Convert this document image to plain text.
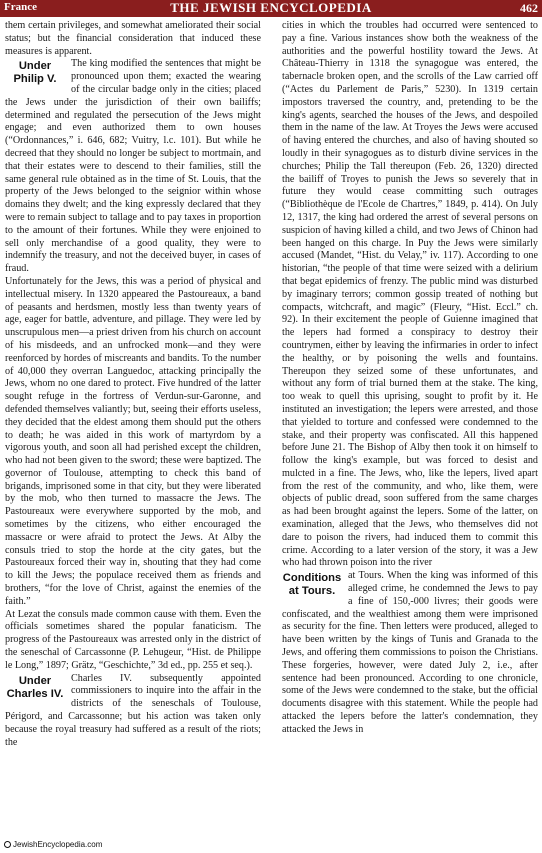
France	THE JEWISH ENCYCLOPEDIA	462

them certain privileges, and somewhat ameliorated their social status; but the financial consideration that induced these measures is apparent.

Under
Philip V.

The king modified the sentences that might be pronounced upon them; exacted the wearing of the circular badge only in the cities; placed the Jews under the jurisdiction of their own bailiffs; determined and regulated the persecution of the Jews might engage; and even authorized them to own houses (“Ordonnances,” i. 646, 682; Vuitry, l.c. 101). But while he decreed that they should no longer be subject to mortmain, and that their estates were to descend to their families, still the same general rule obtained as in the time of St. Louis, that the property of the Jews belonged to the seignior within whose domains they dwelt; and the king expressly declared that they were to remain subject to tallage and to pay taxes in proportion to the amount of their fortunes. While they were enjoined to sell only merchandise of a good quality, they were to indemnify the treasury, and not the deceived buyer, in cases of fraud.

Unfortunately for the Jews, this was a period of physical and intellectual misery. In 1320 appeared the Pastoureaux, a band of peasants and herdsmen, mostly less than twenty years of age, eager for battle, adventure, and pillage. They were led by unscrupulous men—a priest driven from his church on account of his misdeeds, and an unfrocked monk—and they were reenforced by hordes of miscreants and bandits. To the number of 40,000 they overran Languedoc, attacking principally the Jews, whom no one dared to protect. Five hundred of the latter sought refuge in the fortress of Verdun-sur-Garonne, and defended themselves valiantly; but, seeing their efforts useless, they decided that the eldest among them should put the others to death; he was aided in this work of martyrdom by a vigorous youth, and soon all had perished except the children, who had not been given to the sword; these were baptized. The governor of Toulouse, attempting to check this band of brigands, imprisoned some in that city, but they were liberated by the mob, who then turned to massacre the Jews. The Pastoureaux were everywhere supported by the mob, and sometimes by the citizens, who either encouraged the massacre or were afraid to protect the Jews. At Alby the consuls tried to stop the horde at the city gates, but the Pastoureaux forced their way in, shouting that they had come to kill the Jews; the populace received them as friends and brothers, “for the love of Christ, against the enemies of the faith.”

At Lezat the consuls made common cause with them. Even the officials sometimes shared the popular fanaticism. The progress of the Pastoureaux was arrested only in the district of the seneschal of Carcassonne (P. Lehugeur, “Hist. de Philippe le Long,” 1897; Grätz, “Geschichte,” 3d ed., pp. 255 et seq.).

Under
Charles IV.

Charles IV. subsequently appointed commissioners to inquire into the affair in the districts of the seneschals of Toulouse, Périgord, and Carcassonne; but his action was taken only because the royal treasury had suffered as a result of the riots; the

cities in which the troubles had occurred were sentenced to pay a fine. Various instances show both the weakness of the authorities and the powerful hostility toward the Jews. At Château-Thierry in 1318 the synagogue was entered, the tabernacle broken open, and the scrolls of the Law carried off (“Actes du Parlement de Paris,” 5230). In 1319 certain impostors traversed the country, and, pretending to be the king's agents, searched the houses of the Jews, and despoiled them in the name of the law. At Troyes the Jews were accused of having entered the churches, and also of having shouted so loudly in their synagogues as to disturb divine services in the churches; Philip the Tall thereupon (Feb. 26, 1320) directed the bailiff of Troyes to punish the Jews so severely that in future they would cease committing such outrages (“Bibliothèque de l'Ecole de Chartres,” 1849, p. 414). On July 12, 1317, the king had ordered the arrest of several persons on suspicion of having killed a child, and two Jews of Chinon had been hanged on this charge. In Puy the Jews were similarly accused (Mandet, “Hist. du Velay,” iv. 117). According to one historian, “the people of that time were seized with a delirium that begat epidemics of frenzy. The public mind was disturbed by imaginary terrors; common gossip treated of nothing but compacts, witchcraft, and magic” (Fleury, “Hist. Eccl.” ch. 92). In their excitement the people of Guienne imagined that the lepers had formed a conspiracy to destroy their countrymen, either by leaving the infirmaries in order to infect the healthy, or by poisoning the wells and fountains. Thereupon they seized some of these unfortunates, and without any form of trial burned them at the stake. The king, too weak to quell this uprising, sought to profit by it. He instituted an investigation; the lepers were arrested, and those that yielded to torture and confessed were condemned to the stake, and their property was confiscated. All this happened before June 21. The Bishop of Alby then took it on himself to follow the king's example, but was forced to desist and mulcted in a fine. The Jews, who, like the lepers, lived apart from the rest of the community, and who, like them, were objects of public dread, soon suffered from the same charges as had been brought against the lepers. Some of the latter, on examination, alleged that the Jews, who themselves did not dare to poison the rivers, had induced them to commit this crime. According to a later version of the story, it was a Jew who had thrown poison into the river

Conditions
at Tours.

at Tours. When the king was informed of this alleged crime, he condemned the Jews to pay a fine of 150,-000 livres; their goods were confiscated, and the wealthiest among them were imprisoned as security for the fine. Then letters were produced, alleged to have been written by the kings of Tunis and Granada to the Jews, and offering them commissions to poison the Christians. These forgeries, however, were dated July 2, i.e., after sentence had been pronounced. According to one chronicle, some of the Jews were condemned to the stake, but the official documents disagree with this statement. While the people had attacked the lepers before the latter's condemnation, they attacked the Jews in

JewishEncyclopedia.com
